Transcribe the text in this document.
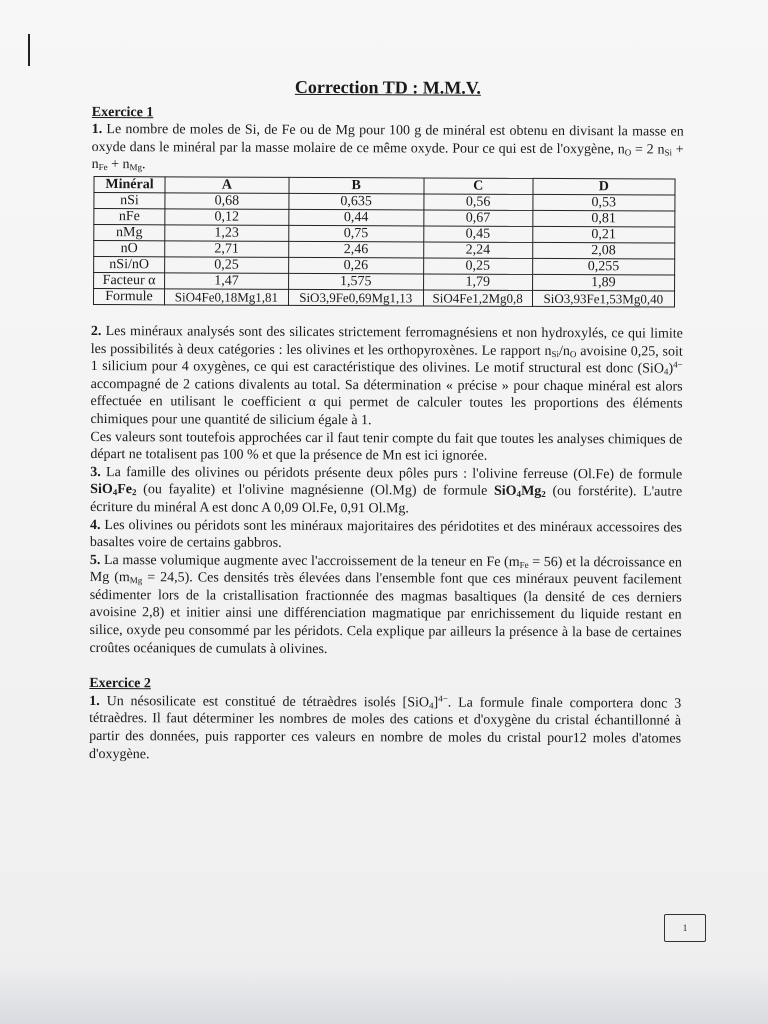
Correction TD : M.M.V.
Exercice 1

1. Le nombre de moles de Si, de Fe ou de Mg pour 100 g de minéral est obtenu en divisant la masse en oxyde dans le minéral par la masse molaire de ce même oxyde. Pour ce qui est de l'oxygène, $n_O = 2$ $n_{Si} + n_{Fe} + n_{Mg}$.

Minéral	A	B	C	D
nSi	0,68	0,635	0,56	0,53
nFe	0,12	0,44	0,67	0,81
nMg	1,23	0,75	0,45	0,21
nO	2,71	2,46	2,24	2,08
nSi/nO	0,25	0,26	0,25	0,255
Facteur α	1,47	1,575	1,79	1,89
Formule	SiO4Fe0,18Mg1,81	SiO3,9Fe0,69Mg1,13	SiO4Fe1,2Mg0,8	SiO3,93Fe1,53Mg0,40

2. Les minéraux analysés sont des silicates strictement ferromagnésiens et non hydroxylés, ce qui limite les possibilités à deux catégories : les olivines et les orthopyroxènes. Le rapport $n_{Si}/n_O$ avoisine 0,25, soit 1 silicium pour 4 oxygènes, ce qui est caractéristique des olivines. Le motif structural est donc $(SiO_4)^{4-}$ accompagné de 2 cations divalents au total. Sa détermination « précise » pour chaque minéral est alors effectuée en utilisant le coefficient α qui permet de calculer toutes les proportions des éléments chimiques pour une quantité de silicium égale à 1.

Ces valeurs sont toutefois approchées car il faut tenir compte du fait que toutes les analyses chimiques de départ ne totalisent pas 100 % et que la présence de Mn est ici ignorée.

3. La famille des olivines ou péridots présente deux pôles purs : l'olivine ferreuse (Ol.Fe) de formule $SiO_4Fe_2$ (ou fayalite) et l'olivine magnésienne (Ol.Mg) de formule $SiO_4Mg_2$ (ou forstérite). L'autre écriture du minéral A est donc A 0,09 Ol.Fe, 0,91 Ol.Mg.

4. Les olivines ou péridots sont les minéraux majoritaires des péridotites et des minéraux accessoires des basaltes voire de certains gabbros.

5. La masse volumique augmente avec l'accroissement de la teneur en Fe $(m_{Fe} = 56)$ et la décroissance en Mg $(m_{Mg} = 24,5)$. Ces densités très élevées dans l'ensemble font que ces minéraux peuvent facilement sédimenter lors de la cristallisation fractionnée des magmas basaltiques (la densité de ces derniers avoisine 2,8) et initier ainsi une différenciation magmatique par enrichissement du liquide restant en silice, oxyde peu consommé par les péridots. Cela explique par ailleurs la présence à la base de certaines croûtes océaniques de cumulats à olivines.

Exercice 2

1. Un nésosilicate est constitué de tétraèdres isolés $[SiO_4]^{4-}$. La formule finale comportera donc 3 tétraèdres. Il faut déterminer les nombres de moles des cations et d'oxygène du cristal échantillonné à partir des données, puis rapporter ces valeurs en nombre de moles du cristal pour12 moles d'atomes d'oxygène.

1
